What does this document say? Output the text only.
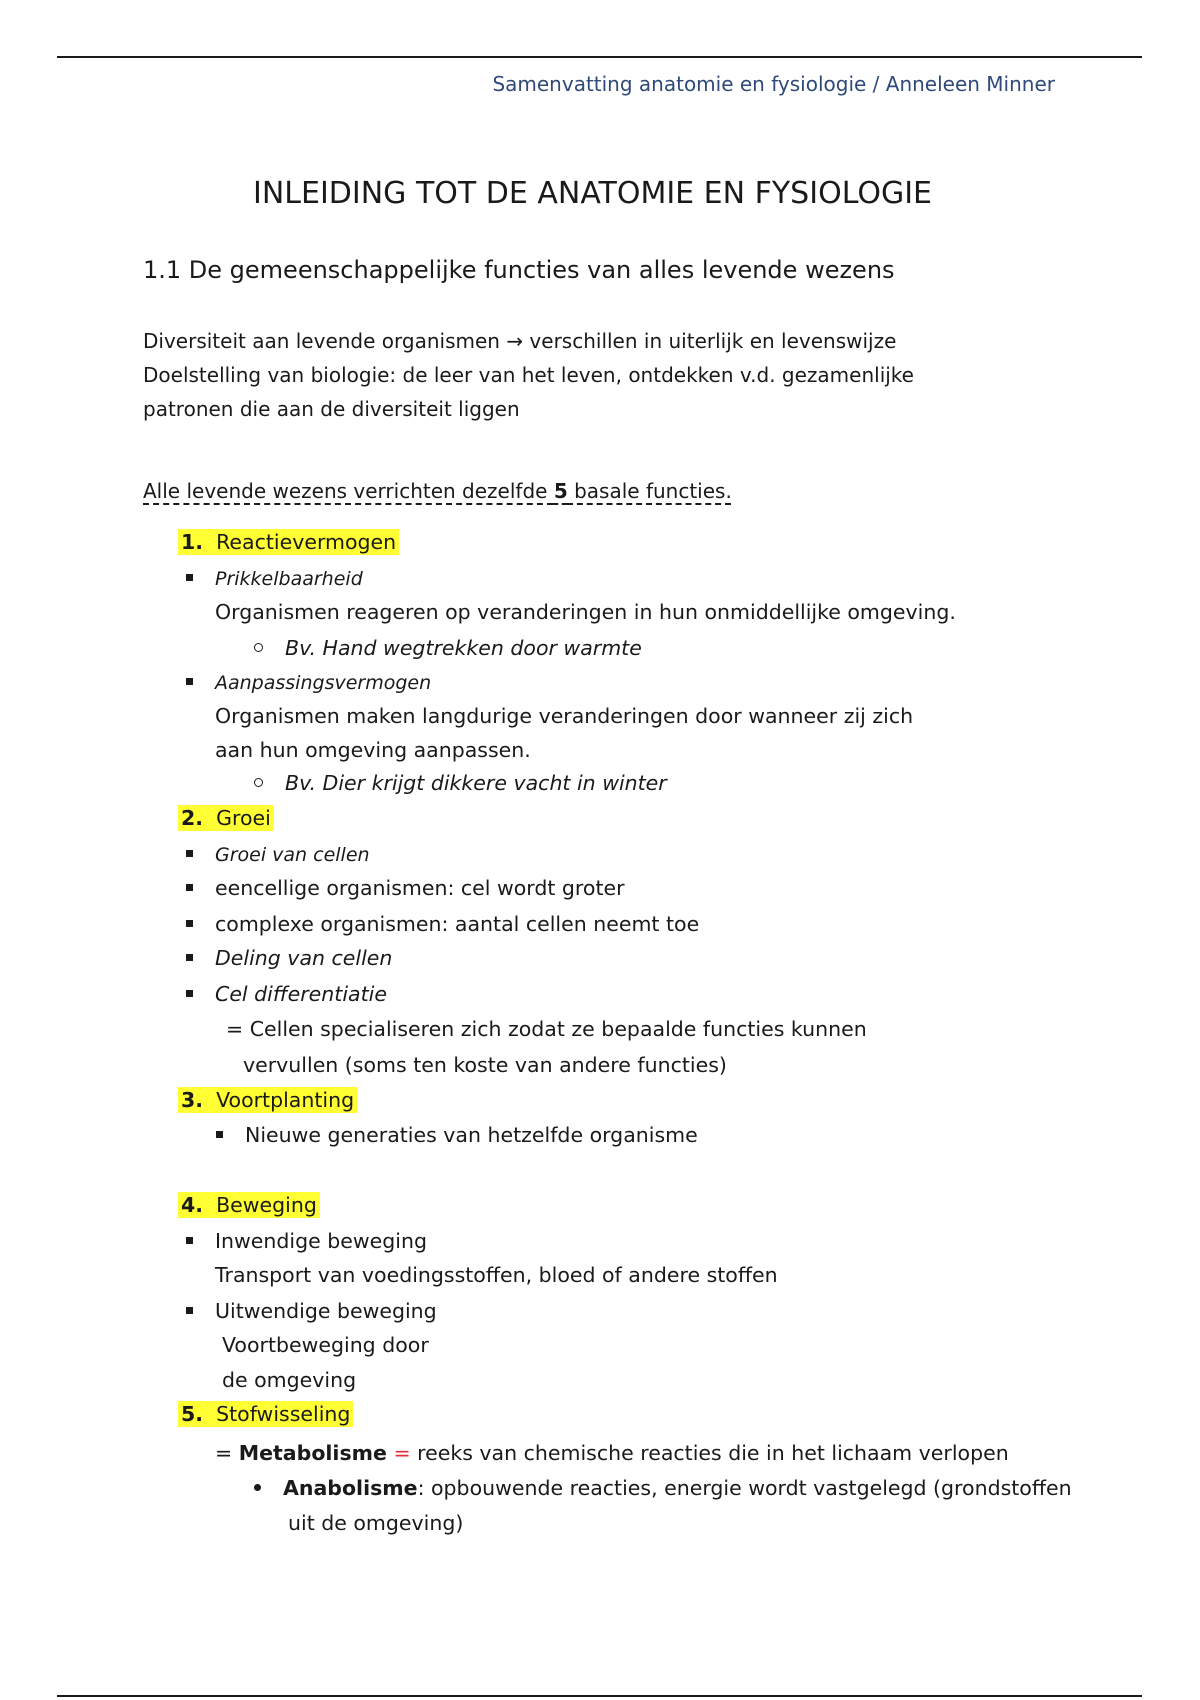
Samenvatting anatomie en fysiologie / Anneleen Minner
INLEIDING TOT DE ANATOMIE EN FYSIOLOGIE
1.1 De gemeenschappelijke functies van alles levende wezens
Diversiteit aan levende organismen → verschillen in uiterlijk en levenswijze
Doelstelling van biologie: de leer van het leven, ontdekken v.d. gezamenlijke
patronen die aan de diversiteit liggen
Alle levende wezens verrichten dezelfde 5 basale functies.
1. Reactievermogen
Prikkelbaarheid
Organismen reageren op veranderingen in hun onmiddellijke omgeving.
Bv. Hand wegtrekken door warmte
Aanpassingsvermogen
Organismen maken langdurige veranderingen door wanneer zij zich
aan hun omgeving aanpassen.
Bv. Dier krijgt dikkere vacht in winter
2. Groei
Groei van cellen
eencellige organismen: cel wordt groter
complexe organismen: aantal cellen neemt toe
Deling van cellen
Cel differentiatie
= Cellen specialiseren zich zodat ze bepaalde functies kunnen
vervullen (soms ten koste van andere functies)
3. Voortplanting
Nieuwe generaties van hetzelfde organisme
4. Beweging
Inwendige beweging
Transport van voedingsstoffen, bloed of andere stoffen
Uitwendige beweging
Voortbeweging door
de omgeving
5. Stofwisseling
= Metabolisme = reeks van chemische reacties die in het lichaam verlopen
Anabolisme: opbouwende reacties, energie wordt vastgelegd (grondstoffen
uit de omgeving)
